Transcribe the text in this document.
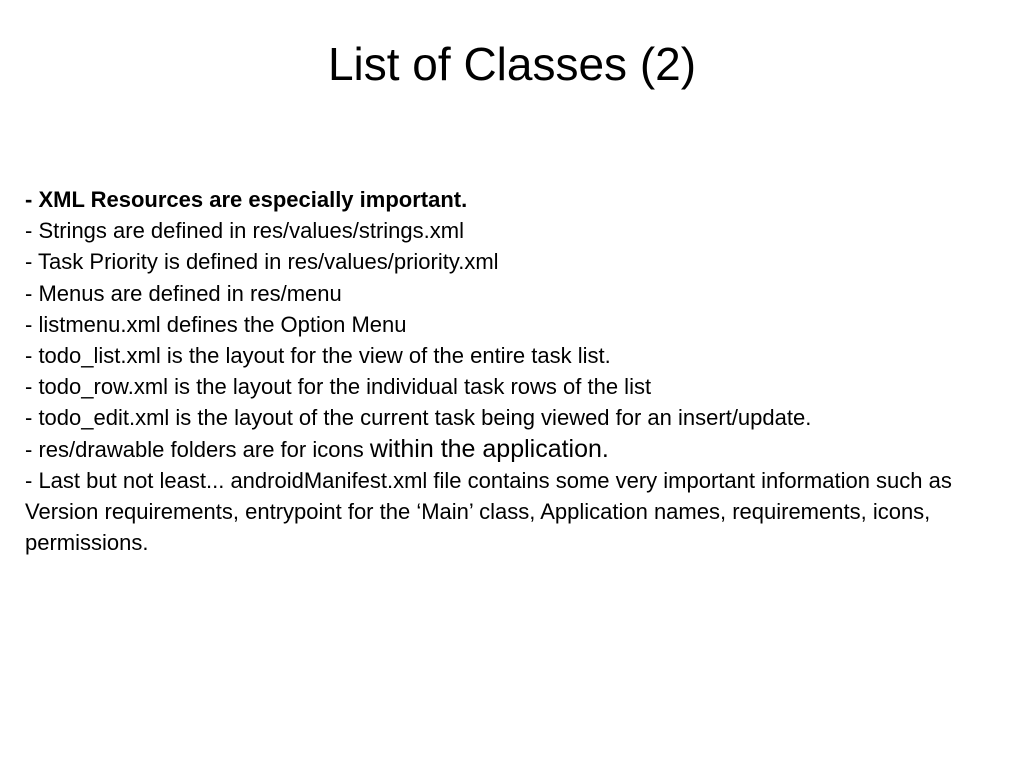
List of Classes (2)
- XML Resources are especially important.
- Strings are defined in res/values/strings.xml
- Task Priority is defined in res/values/priority.xml
- Menus are defined in res/menu
- listmenu.xml defines the Option Menu
- todo_list.xml is the layout for the view of the entire task list.
- todo_row.xml is the layout for the individual task rows of the list
- todo_edit.xml is the layout of the current task being viewed for an insert/update.
- res/drawable folders are for icons within the application.
- Last but not least... androidManifest.xml file contains some very important information such as Version requirements, entrypoint for the ‘Main’ class, Application names, requirements, icons, permissions.
